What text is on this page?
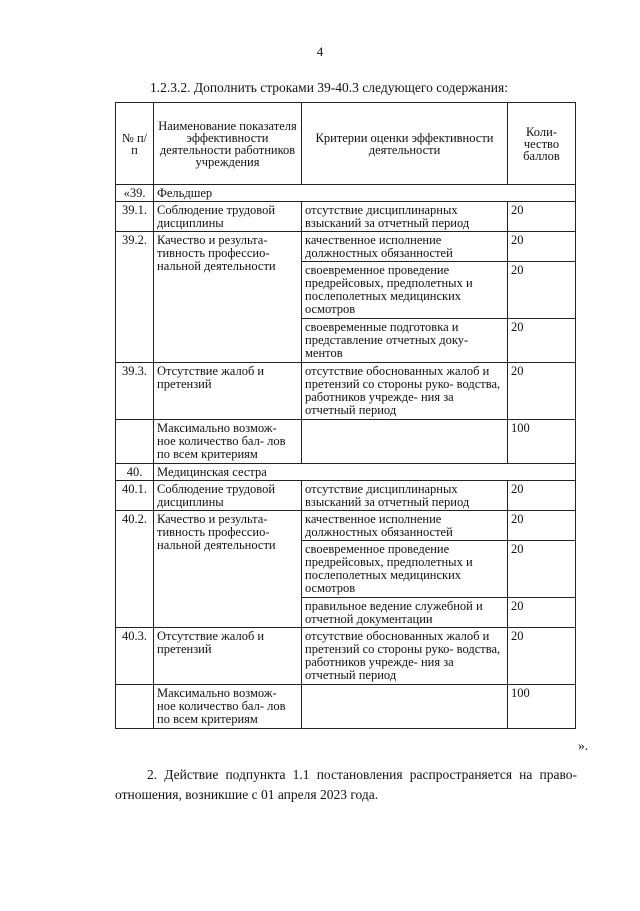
4
1.2.3.2. Дополнить строками 39-40.3 следующего содержания:
№ п/п	Наименование показателя эффективности деятельности работников учреждения	Критерии оценки эффективности деятельности	Коли- чество баллов
«39.	Фельдшер		
39.1.	Соблюдение трудовой дисциплины	отсутствие дисциплинарных взысканий за отчетный период	20
39.2.	Качество и результа- тивность профессио- нальной деятельности	качественное исполнение должностных обязанностей	20
		своевременное проведение предрейсовых, предполетных и послеполетных медицинских осмотров	20
		своевременные подготовка и представление отчетных доку- ментов	20
39.3.	Отсутствие жалоб и претензий	отсутствие обоснованных жалоб и претензий со стороны руко- водства, работников учрежде- ния за отчетный период	20
	Максимально возмож- ное количество бал- лов по всем критериям		100
40.	Медицинская сестра		
40.1.	Соблюдение трудовой дисциплины	отсутствие дисциплинарных взысканий за отчетный период	20
40.2.	Качество и результа- тивность профессио- нальной деятельности	качественное исполнение должностных обязанностей	20
		своевременное проведение предрейсовых, предполетных и послеполетных медицинских осмотров	20
		правильное ведение служебной и отчетной документации	20
40.3.	Отсутствие жалоб и претензий	отсутствие обоснованных жалоб и претензий со стороны руко- водства, работников учрежде- ния за отчетный период	20
	Максимально возмож- ное количество бал- лов по всем критериям		100
».
2. Действие подпункта 1.1 постановления распространяется на право- отношения, возникшие с 01 апреля 2023 года.
